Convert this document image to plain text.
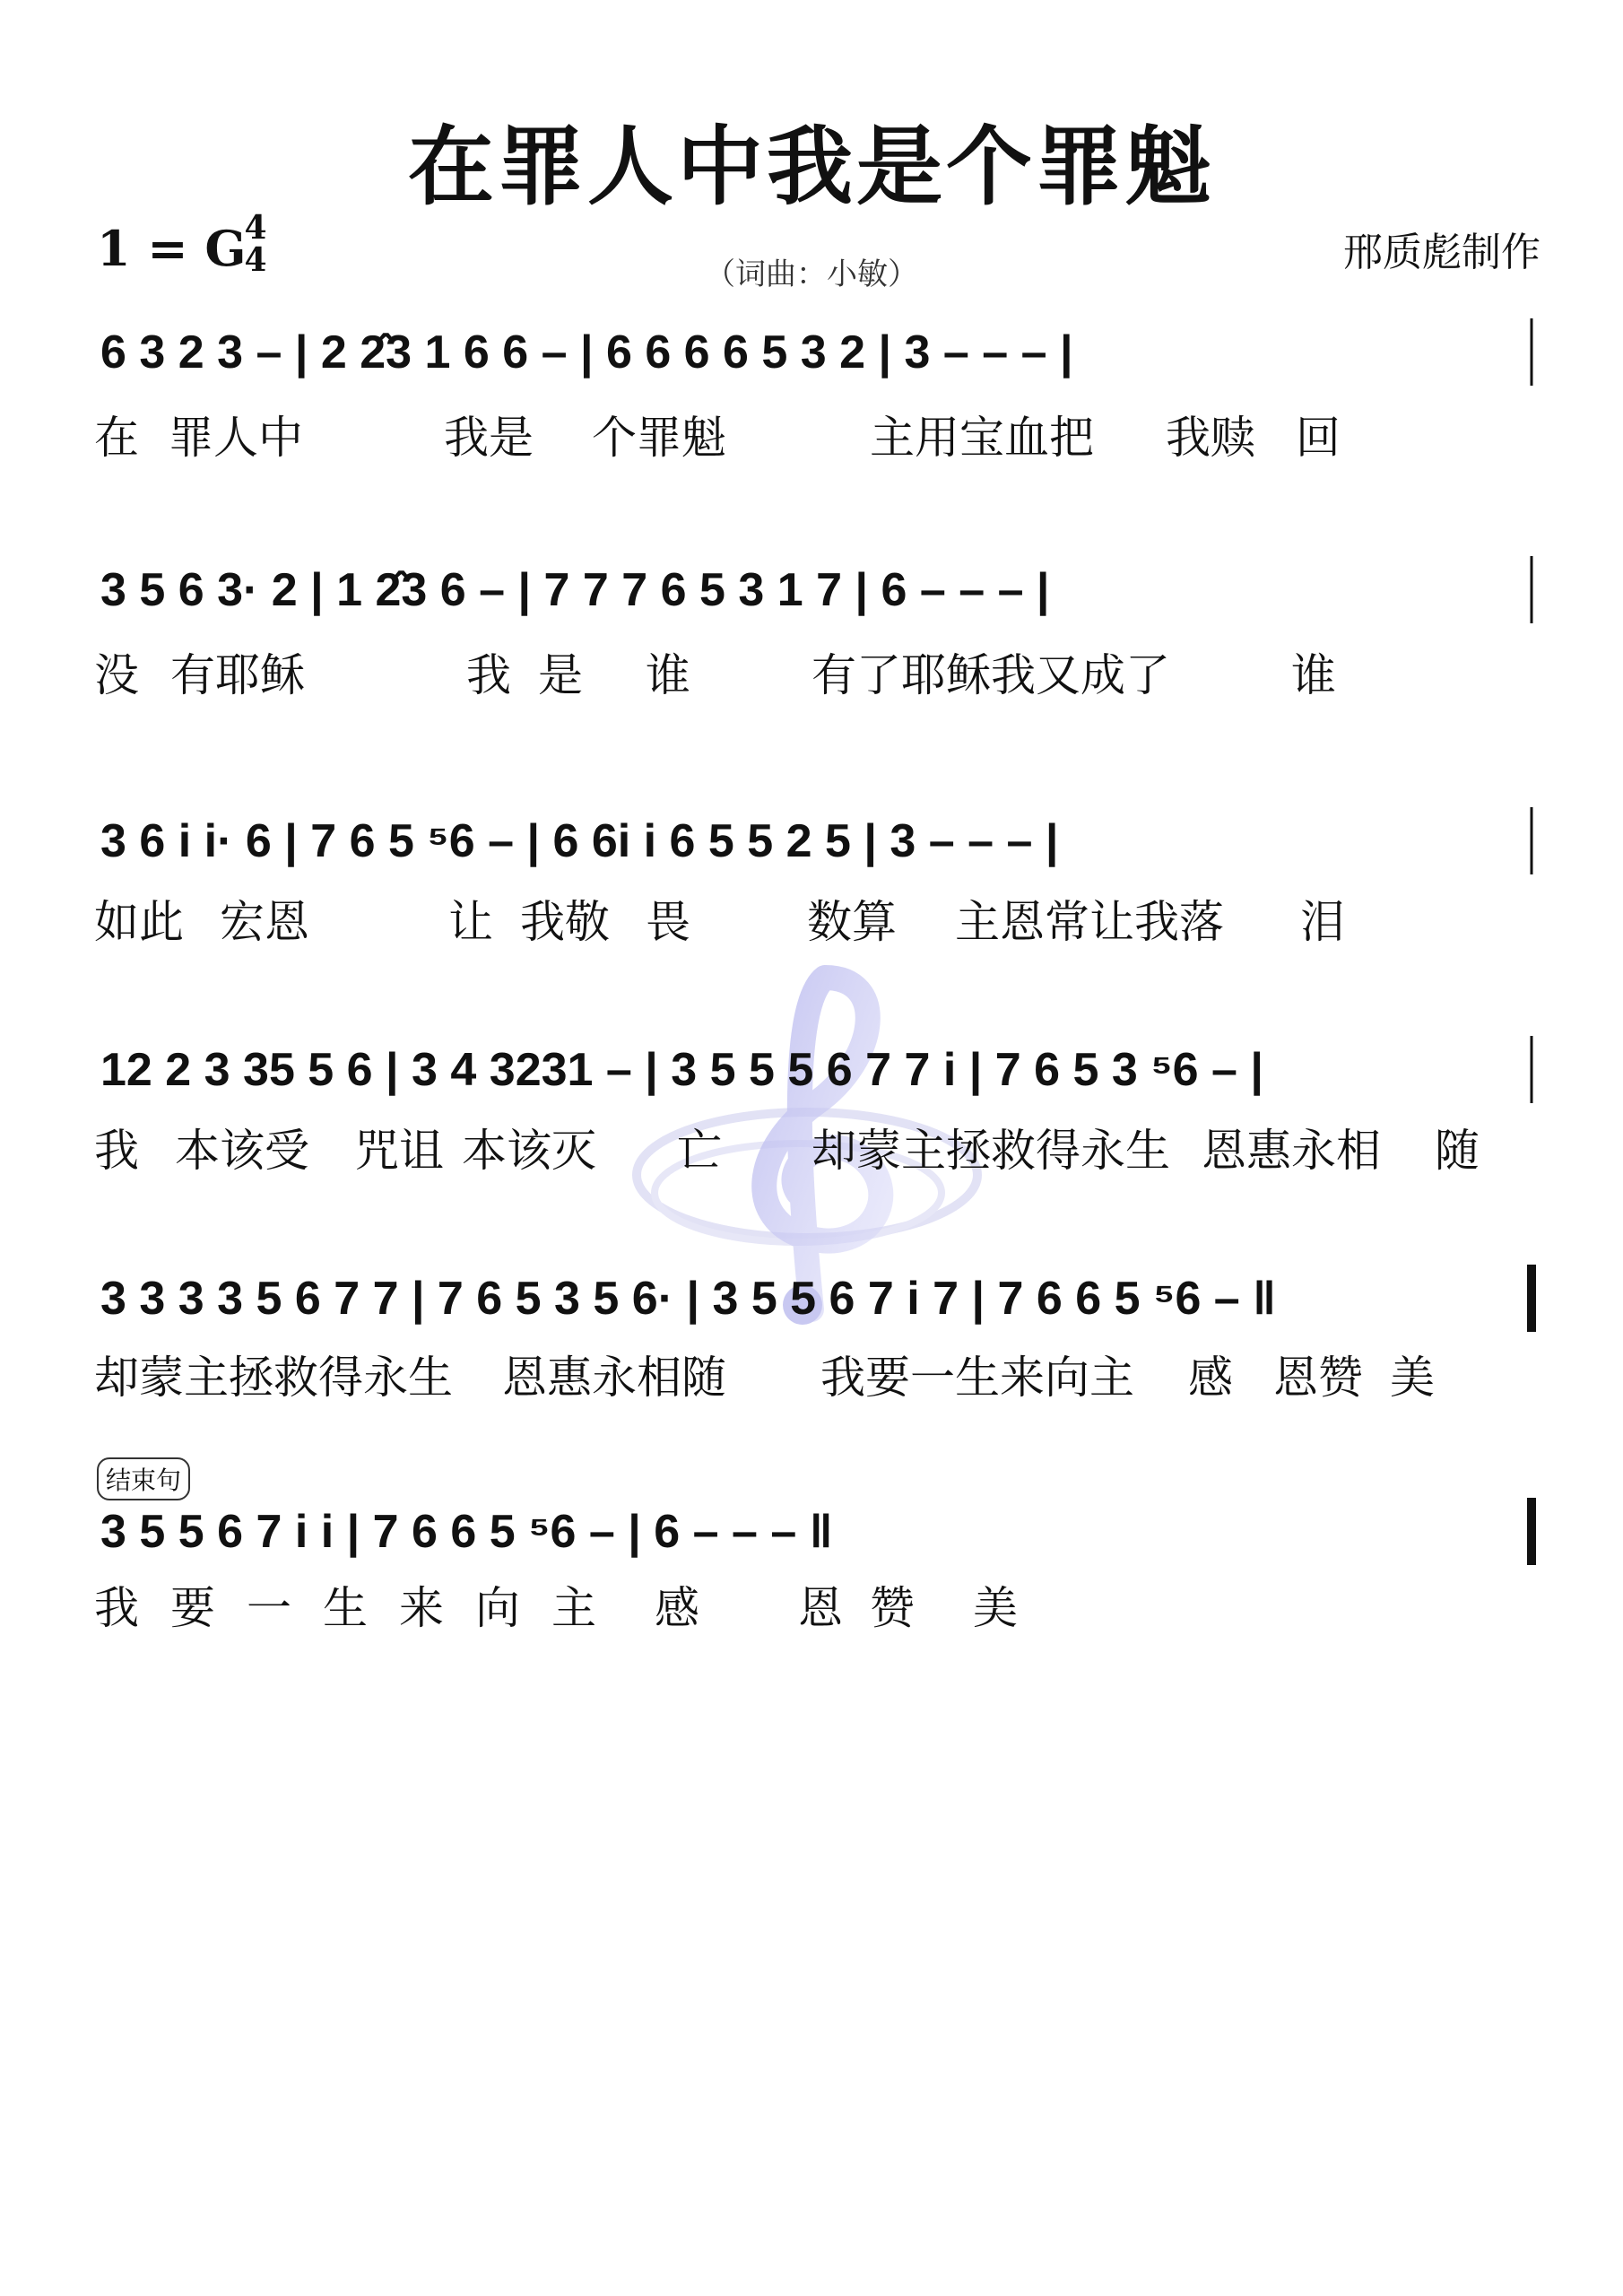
在罪人中我是个罪魁
1 = G
4
4	（词曲：小敏）	邢质彪制作
结束句
6 3 2 3 – | 2 2̂3 1 6 6 – | 6 6 6 6 5 3 2 | 3 – – – |
3 5 6 3· 2 | 1 2̂3 6 – | 7 7 7 6 5 3 1 7 | 6 – – – |
3 6 i i· 6 | 7 6 5 ⁵6 – | 6 6i i 6 5 5 2 5 | 3 – – – |
12 2 3 35 5 6 | 3 4 3231 – | 3 5 5 5 6 7 7 i | 7 6 5 3 ⁵6 – |
3 3 3 3 5 6 7 7 | 7 6 5 3 5 6· | 3 5 5 6 7 i 7 | 7 6 6 5 ⁵6 – ‖
3 5 5 6 7 i i | 7 6 6 5 ⁵6 – | 6 – – – ‖
在 罪人中	我是 个罪魁	主用宝血把 我赎 回
没 有耶稣	我 是 谁	有了耶稣我又成了	谁
如此 宏恩	让 我敬 畏	数算 主恩常让我落 泪
我 本该受 咒诅 本该灭 亡 却蒙主拯救得永生 恩惠永相 随
却蒙主拯救得永生 恩惠永相随 我要一生来向主 感 恩赞 美
我 要 一 生 来 向 主 感 恩 赞 美
